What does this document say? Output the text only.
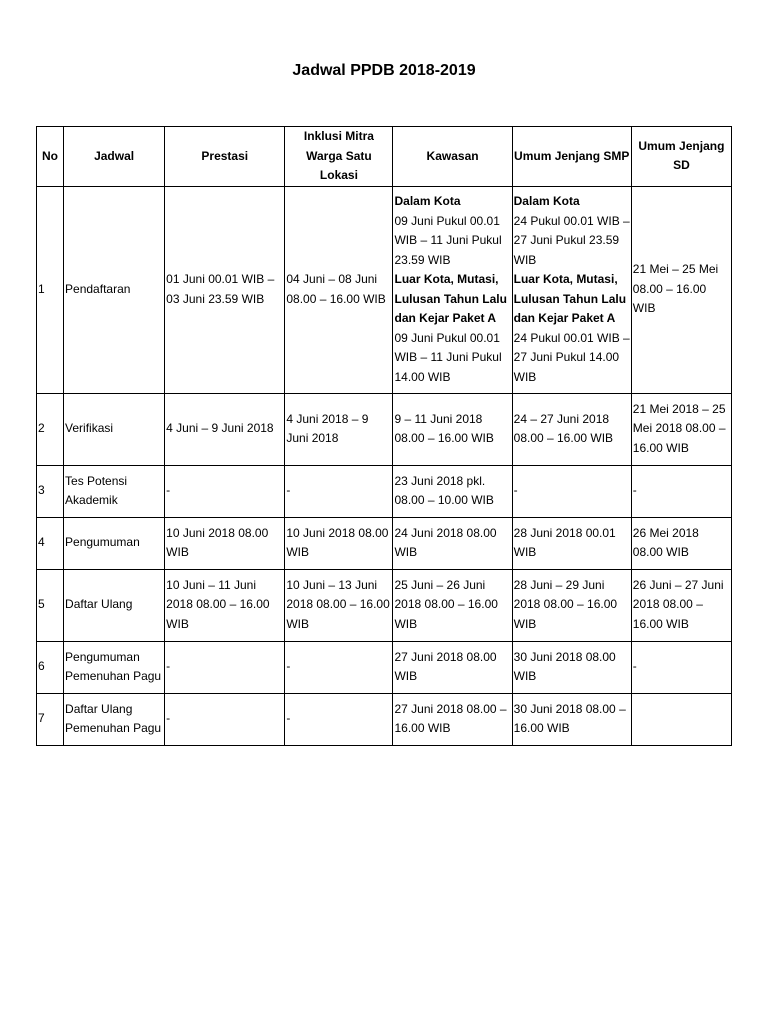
Jadwal PPDB 2018-2019
No	Jadwal	Prestasi	Inklusi Mitra Warga Satu Lokasi	Kawasan	Umum Jenjang SMP	Umum Jenjang SD
1	Pendaftaran	01 Juni 00.01 WIB – 03 Juni 23.59 WIB	04 Juni – 08 Juni 08.00 – 16.00 WIB	Dalam Kota
09 Juni Pukul 00.01 WIB – 11 Juni Pukul 23.59 WIB
Luar Kota, Mutasi, Lulusan Tahun Lalu dan Kejar Paket A
09 Juni Pukul 00.01 WIB – 11 Juni Pukul 14.00 WIB	Dalam Kota
24 Pukul 00.01 WIB – 27 Juni Pukul 23.59 WIB
Luar Kota, Mutasi, Lulusan Tahun Lalu dan Kejar Paket A
24 Pukul 00.01 WIB – 27 Juni Pukul 14.00 WIB	21 Mei – 25 Mei 08.00 – 16.00 WIB
2	Verifikasi	4 Juni – 9 Juni 2018	4 Juni 2018 – 9 Juni 2018	9 – 11 Juni 2018 08.00 – 16.00 WIB	24 – 27 Juni 2018 08.00 – 16.00 WIB	21 Mei 2018 – 25 Mei 2018 08.00 – 16.00 WIB
3	Tes Potensi Akademik	-	-	23 Juni 2018 pkl. 08.00 – 10.00 WIB	-	-
4	Pengumuman	10 Juni 2018 08.00 WIB	10 Juni 2018 08.00 WIB	24 Juni 2018 08.00 WIB	28 Juni 2018 00.01 WIB	26 Mei 2018 08.00 WIB
5	Daftar Ulang	10 Juni – 11 Juni 2018 08.00 – 16.00 WIB	10 Juni – 13 Juni 2018 08.00 – 16.00 WIB	25 Juni – 26 Juni 2018 08.00 – 16.00 WIB	28 Juni – 29 Juni 2018 08.00 – 16.00 WIB	26 Juni – 27 Juni 2018 08.00 – 16.00 WIB
6	Pengumuman Pemenuhan Pagu	-	-	27 Juni 2018 08.00 WIB	30 Juni 2018 08.00 WIB	-
7	Daftar Ulang Pemenuhan Pagu	-	-	27 Juni 2018 08.00 – 16.00 WIB	30 Juni 2018 08.00 – 16.00 WIB	
